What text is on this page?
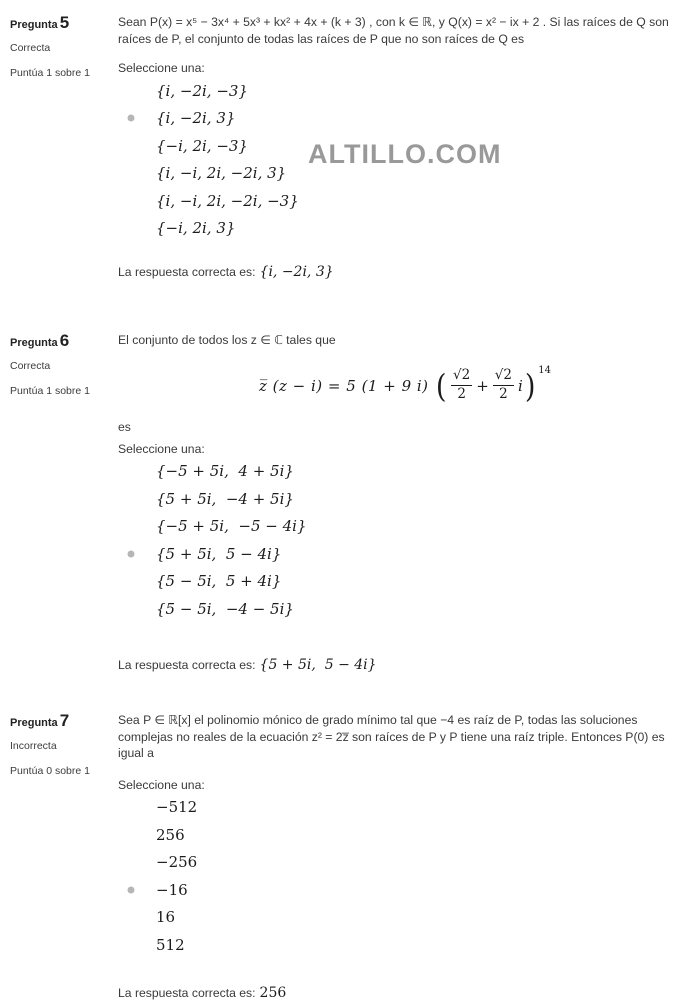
Pregunta 5
Correcta
Puntúa 1 sobre 1
Sean P(x) = x⁵ − 3x⁴ + 5x³ + kx² + 4x + (k + 3) , con k ∈ ℝ, y Q(x) = x² − ix + 2 . Si las raíces de Q son raíces de P, el conjunto de todas las raíces de P que no son raíces de Q es
Seleccione una:
{i, −2i, −3}
{i, −2i, 3}
{−i, 2i, −3}
{i, −i, 2i, −2i, 3}
{i, −i, 2i, −2i, −3}
{−i, 2i, 3}
La respuesta correcta es: {i, −2i, 3}
Pregunta 6
Correcta
Puntúa 1 sobre 1
El conjunto de todos los z ∈ ℂ tales que
z̅ (z − i) = 5 (1 + 9 i) ( $\frac{√2}{2} + \frac{√2}{2}$ i ) 14
es
Seleccione una:
{−5 + 5i,  4 + 5i}
{5 + 5i,  −4 + 5i}
{−5 + 5i,  −5 − 4i}
{5 + 5i,  5 − 4i}
{5 − 5i,  5 + 4i}
{5 − 5i,  −4 − 5i}
La respuesta correcta es: {5 + 5i,  5 − 4i}
Pregunta 7
Incorrecta
Puntúa 0 sobre 1
Sea P ∈ ℝ[x] el polinomio mónico de grado mínimo tal que −4 es raíz de P, todas las soluciones complejas no reales de la ecuación z² = 2z̅ son raíces de P y P tiene una raíz triple. Entonces P(0) es igual a
Seleccione una:
−512
256
−256
−16
16
512
La respuesta correcta es: 256
ALTILLO.COM
